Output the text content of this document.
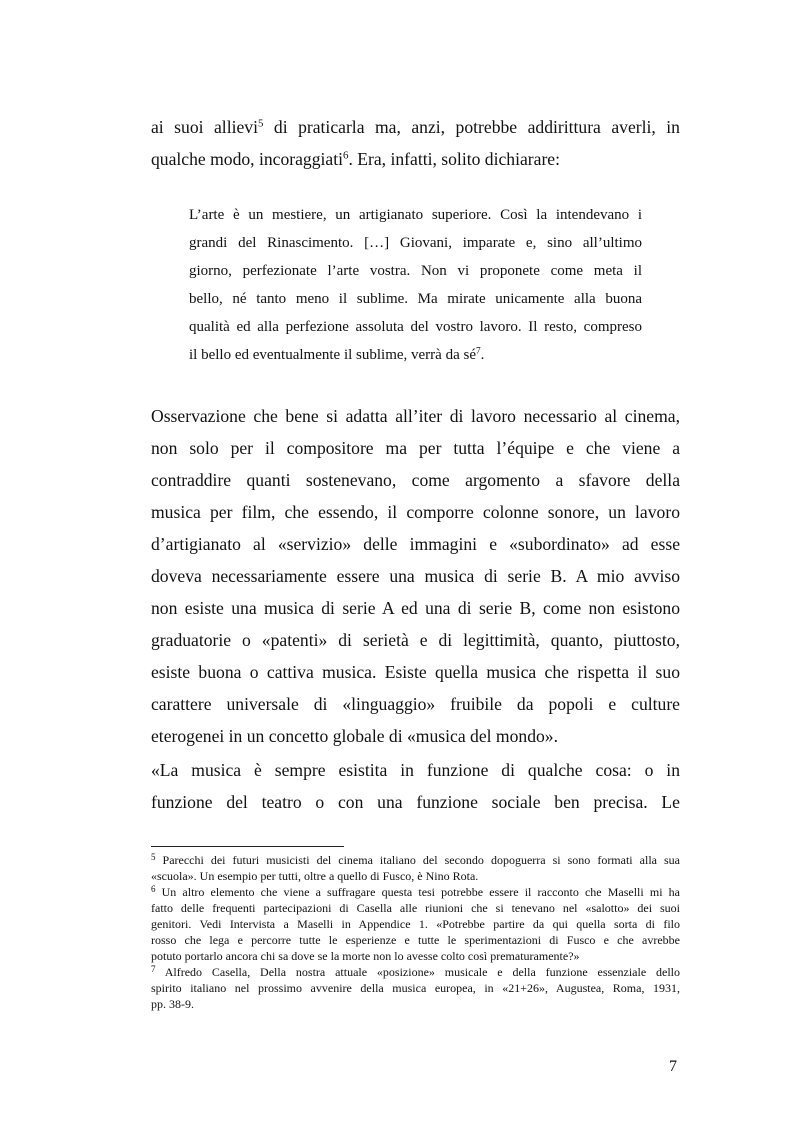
ai suoi allievi$^5$ di praticarla ma, anzi, potrebbe addirittura averli, in
qualche modo, incoraggiati$^6$. Era, infatti, solito dichiarare:
L’arte è un mestiere, un artigianato superiore. Così la intendevano i
grandi del Rinascimento. […] Giovani, imparate e, sino all’ultimo
giorno, perfezionate l’arte vostra. Non vi proponete come meta il
bello, né tanto meno il sublime. Ma mirate unicamente alla buona
qualità ed alla perfezione assoluta del vostro lavoro. Il resto, compreso
il bello ed eventualmente il sublime, verrà da $sé^7$.
Osservazione che bene si adatta all’iter di lavoro necessario al cinema,
non solo per il compositore ma per tutta l’équipe e che viene a
contraddire quanti sostenevano, come argomento a sfavore della
musica per film, che essendo, il comporre colonne sonore, un lavoro
d’artigianato al «servizio» delle immagini e «subordinato» ad esse
doveva necessariamente essere una musica di serie B. A mio avviso
non esiste una musica di serie A ed una di serie B, come non esistono
graduatorie o «patenti» di serietà e di legittimità, quanto, piuttosto,
esiste buona o cattiva musica. Esiste quella musica che rispetta il suo
carattere universale di «linguaggio» fruibile da popoli e culture
eterogenei in un concetto globale di «musica del mondo».
«La musica è sempre esistita in funzione di qualche cosa: o in
funzione del teatro o con una funzione sociale ben precisa. Le
$^5$ Parecchi dei futuri musicisti del cinema italiano del secondo dopoguerra si sono formati alla sua
«scuola». Un esempio per tutti, oltre a quello di Fusco, è Nino Rota.
$^6$ Un altro elemento che viene a suffragare questa tesi potrebbe essere il racconto che Maselli mi ha
fatto delle frequenti partecipazioni di Casella alle riunioni che si tenevano nel «salotto» dei suoi
genitori. Vedi Intervista a Maselli in Appendice 1. «Potrebbe partire da qui quella sorta di filo
rosso che lega e percorre tutte le esperienze e tutte le sperimentazioni di Fusco e che avrebbe
potuto portarlo ancora chi sa dove se la morte non lo avesse colto così prematuramente?»
$^7$ Alfredo Casella, Della nostra attuale «posizione» musicale e della funzione essenziale dello
spirito italiano nel prossimo avvenire della musica europea, in «21+26», Augustea, Roma, 1931,
pp. 38-9.
7
